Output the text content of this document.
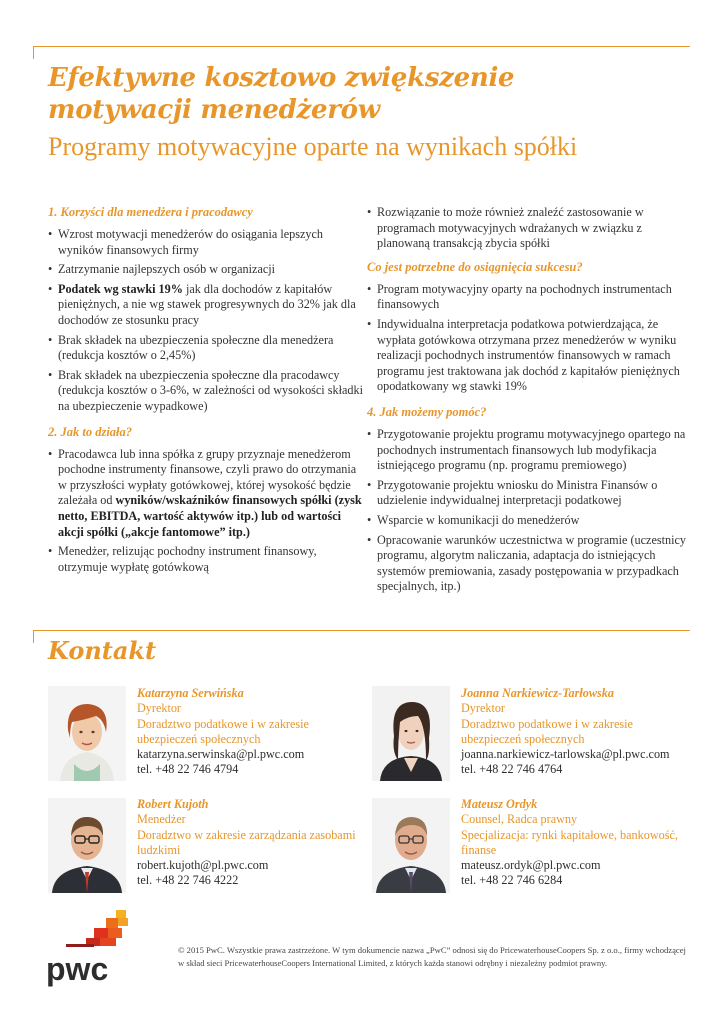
Efektywne kosztowo zwiększenie
motywacji menedżerów
Programy motywacyjne oparte na wynikach spółki
1. Korzyści dla menedżera i pracodawcy
• Wzrost motywacji menedżerów do osiągania lepszych wyników finansowych firmy
• Zatrzymanie najlepszych osób w organizacji
• Podatek wg stawki 19% jak dla dochodów z kapitałów pieniężnych, a nie wg stawek progresywnych do 32% jak dla dochodów ze stosunku pracy
• Brak składek na ubezpieczenia społeczne dla menedżera (redukcja kosztów o 2,45%)
• Brak składek na ubezpieczenia społeczne dla pracodawcy (redukcja kosztów o 3-6%, w zależności od wysokości składki na ubezpieczenie wypadkowe)
2. Jak to działa?
• Pracodawca lub inna spółka z grupy przyznaje menedżerom pochodne instrumenty finansowe, czyli prawo do otrzymania w przyszłości wypłaty gotówkowej, której wysokość będzie zależała od wyników/wskaźników finansowych spółki (zysk netto, EBITDA, wartość aktywów itp.) lub od wartości akcji spółki („akcje fantomowe” itp.)
• Menedżer, relizując pochodny instrument finansowy, otrzymuje wypłatę gotówkową
• Rozwiązanie to może również znaleźć zastosowanie w programach motywacyjnych wdrażanych w związku z planowaną transakcją zbycia spółki
Co jest potrzebne do osiągnięcia sukcesu?
• Program motywacyjny oparty na pochodnych instrumentach finansowych
• Indywidualna interpretacja podatkowa potwierdzająca, że wypłata gotówkowa otrzymana przez menedżerów w wyniku realizacji pochodnych instrumentów finansowych w ramach programu jest traktowana jak dochód z kapitałów pieniężnych opodatkowany wg stawki 19%
4. Jak możemy pomóc?
• Przygotowanie projektu programu motywacyjnego opartego na pochodnych instrumentach finansowych lub modyfikacja istniejącego programu (np. programu premiowego)
• Przygotowanie projektu wniosku do Ministra Finansów o udzielenie indywidualnej interpretacji podatkowej
• Wsparcie w komunikacji do menedżerów
• Opracowanie warunków uczestnictwa w programie (uczestnicy programu, algorytm naliczania, adaptacja do istniejących systemów premiowania, zasady postępowania w przypadkach specjalnych, itp.)
Kontakt
Katarzyna Serwińska
Dyrektor
Doradztwo podatkowe i w zakresie ubezpieczeń społecznych
katarzyna.serwinska@pl.pwc.com
tel. +48 22 746 4794
Joanna Narkiewicz-Tarłowska
Dyrektor
Doradztwo podatkowe i w zakresie ubezpieczeń społecznych
joanna.narkiewicz-tarlowska@pl.pwc.com
tel. +48 22 746 4764
Robert Kujoth
Menedżer
Doradztwo w zakresie zarządzania zasobami ludzkimi
robert.kujoth@pl.pwc.com
tel. +48 22 746 4222
Mateusz Ordyk
Counsel, Radca prawny
Specjalizacja: rynki kapitałowe, bankowość, finanse
mateusz.ordyk@pl.pwc.com
tel. +48 22 746 6284
pwc
© 2015 PwC. Wszystkie prawa zastrzeżone. W tym dokumencie nazwa „PwC” odnosi się do PricewaterhouseCoopers Sp. z o.o., firmy wchodzącej w skład sieci PricewaterhouseCoopers International Limited, z których każda stanowi odrębny i niezależny podmiot prawny.
